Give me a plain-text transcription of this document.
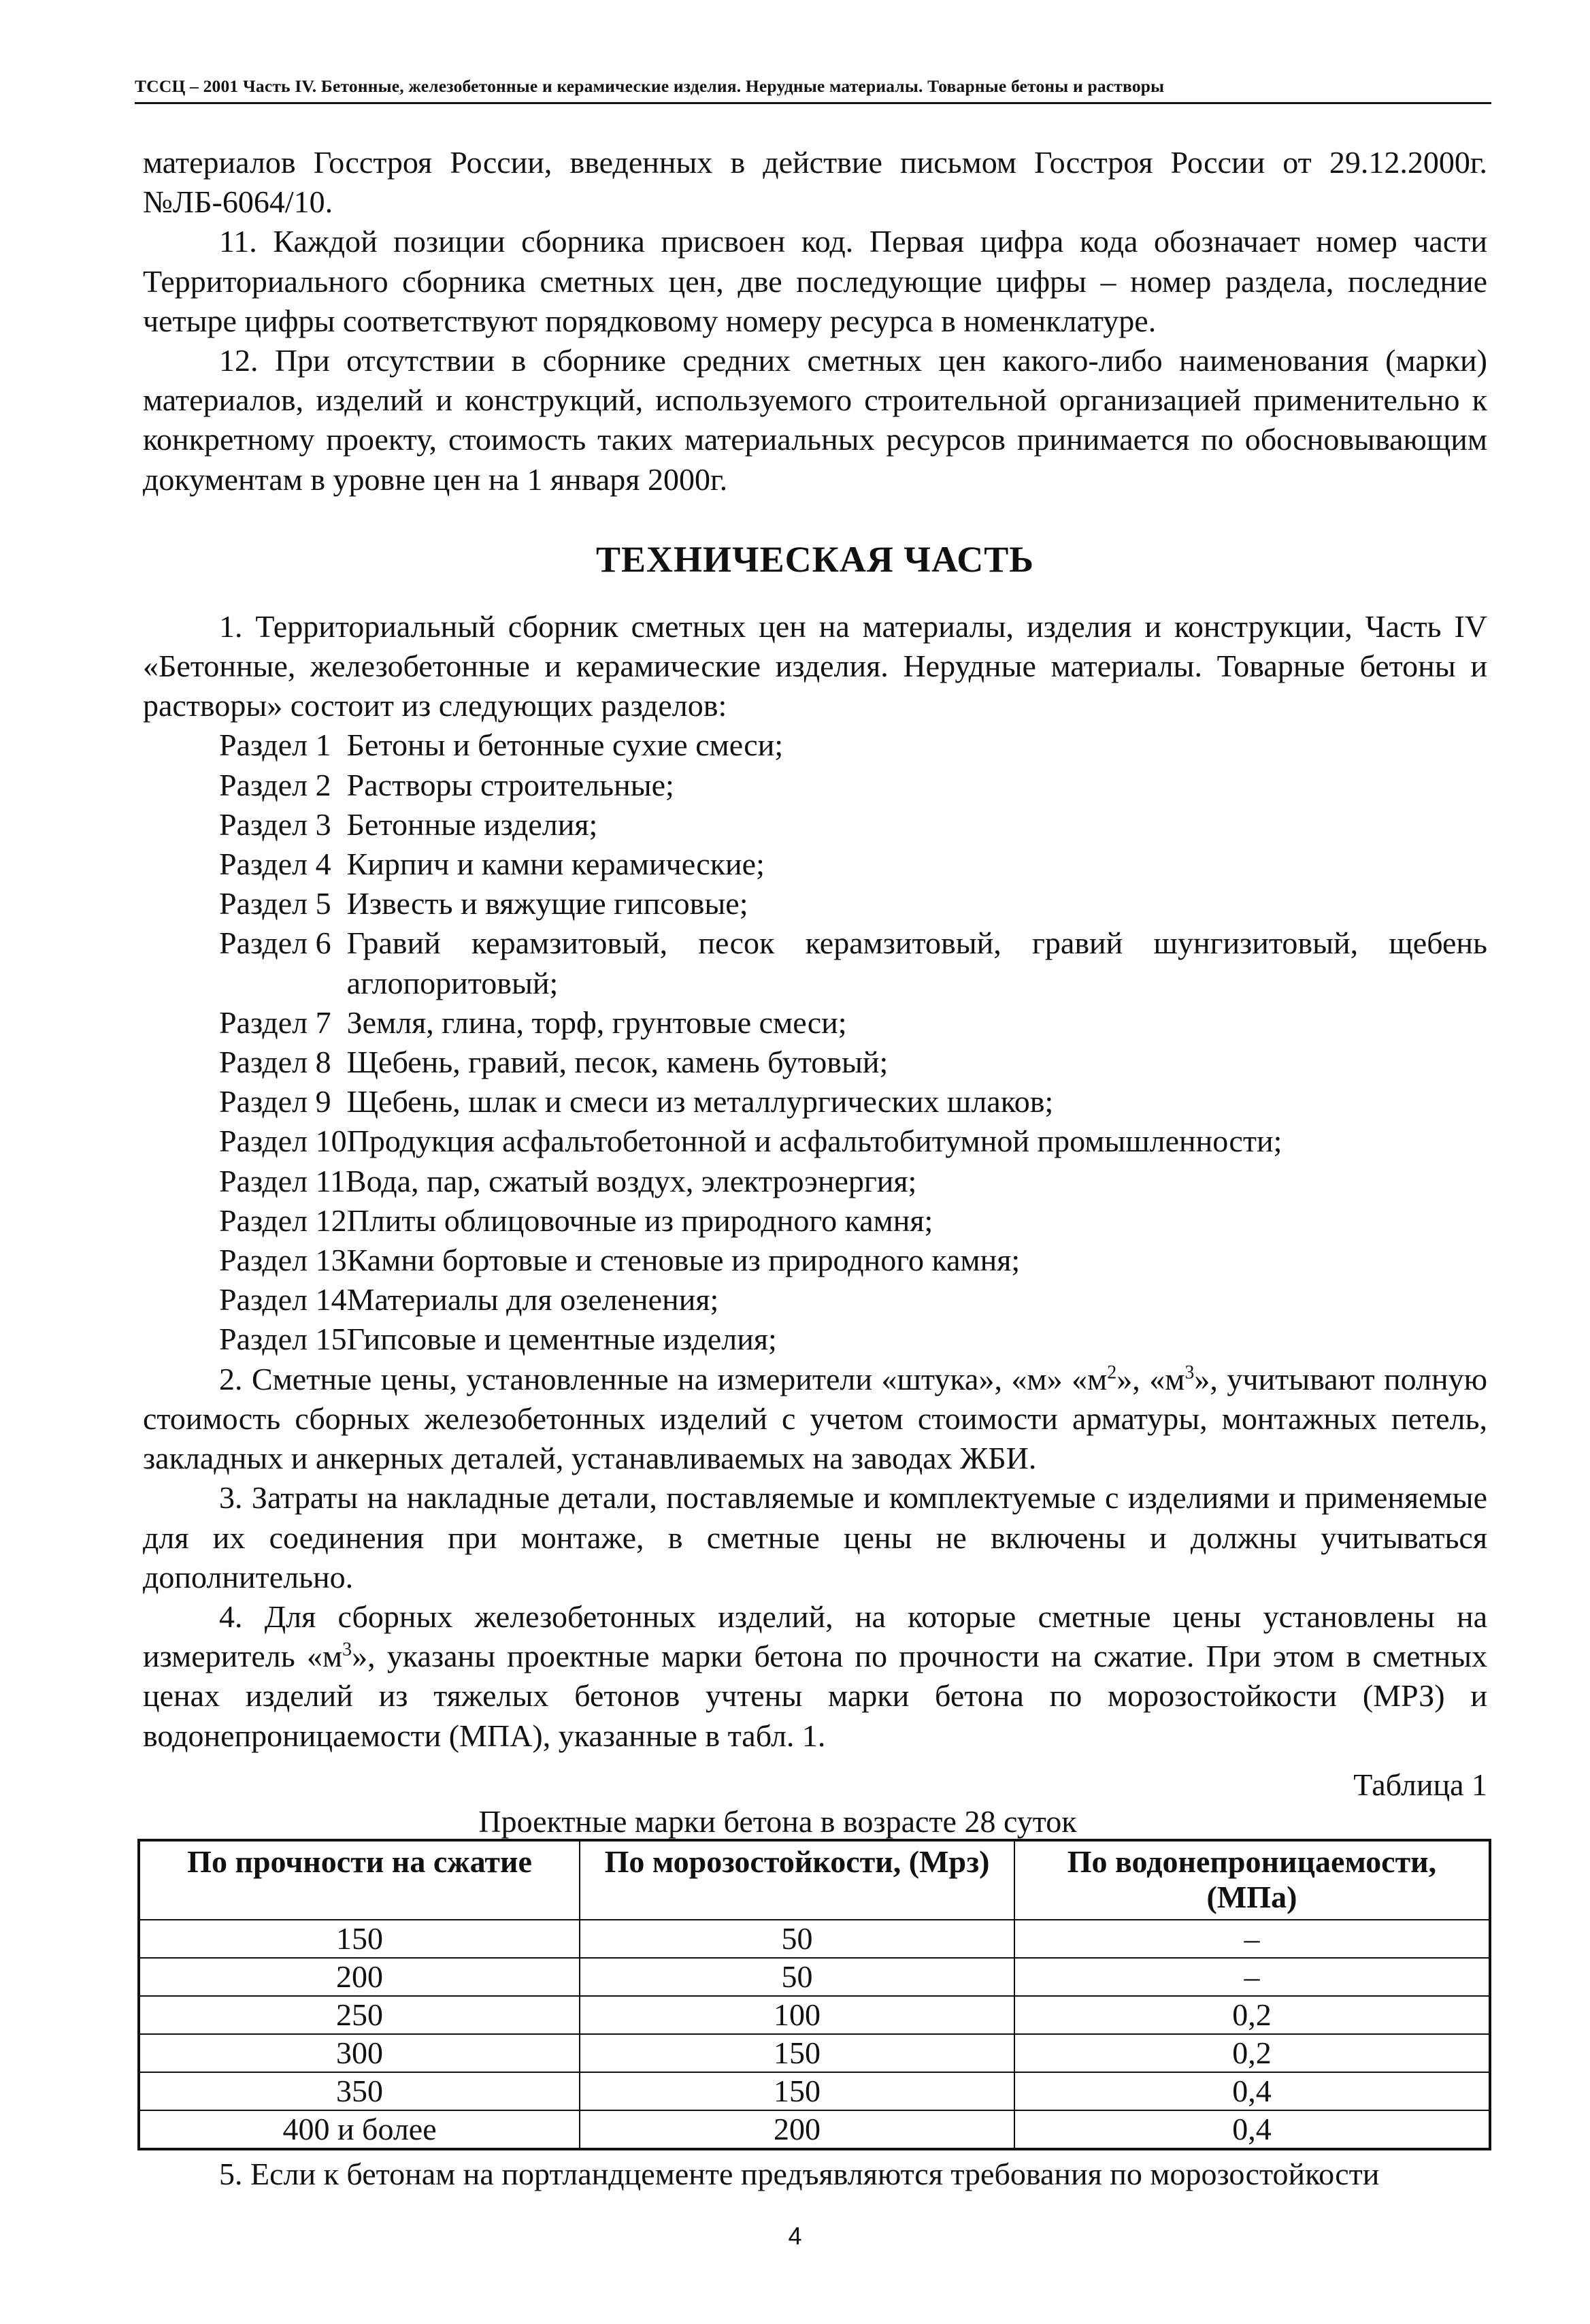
ТССЦ – 2001 Часть IV. Бетонные, железобетонные и керамические изделия. Нерудные материалы. Товарные бетоны и растворы

материалов Госстроя России, введенных в действие письмом Госстроя России от 29.12.2000г. №ЛБ-6064/10.

11. Каждой позиции сборника присвоен код. Первая цифра кода обозначает номер части Территориального сборника сметных цен, две последующие цифры – номер раздела, последние четыре цифры соответствуют порядковому номеру ресурса в номенклатуре.

12. При отсутствии в сборнике средних сметных цен какого-либо наименования (марки) материалов, изделий и конструкций, используемого строительной организацией применительно к конкретному проекту, стоимость таких материальных ресурсов принимается по обосновывающим документам в уровне цен на 1 января 2000г.

ТЕХНИЧЕСКАЯ ЧАСТЬ

1. Территориальный сборник сметных цен на материалы, изделия и конструкции, Часть IV «Бетонные, железобетонные и керамические изделия. Нерудные материалы. Товарные бетоны и растворы» состоит из следующих разделов:

Раздел 1 Бетоны и бетонные сухие смеси;
Раздел 2 Растворы строительные;
Раздел 3 Бетонные изделия;
Раздел 4 Кирпич и камни керамические;
Раздел 5 Известь и вяжущие гипсовые;
Раздел 6 Гравий керамзитовый, песок керамзитовый, гравий шунгизитовый, щебень аглопоритовый;
Раздел 7 Земля, глина, торф, грунтовые смеси;
Раздел 8 Щебень, гравий, песок, камень бутовый;
Раздел 9 Щебень, шлак и смеси из металлургических шлаков;
Раздел 10 Продукция асфальтобетонной и асфальтобитумной промышленности;
Раздел 11 Вода, пар, сжатый воздух, электроэнергия;
Раздел 12 Плиты облицовочные из природного камня;
Раздел 13 Камни бортовые и стеновые из природного камня;
Раздел 14 Материалы для озеленения;
Раздел 15 Гипсовые и цементные изделия;

2. Сметные цены, установленные на измерители «штука», «м» «$м^2$», «$м^3$», учитывают полную стоимость сборных железобетонных изделий с учетом стоимости арматуры, монтажных петель, закладных и анкерных деталей, устанавливаемых на заводах ЖБИ.

3. Затраты на накладные детали, поставляемые и комплектуемые с изделиями и применяемые для их соединения при монтаже, в сметные цены не включены и должны учитываться дополнительно.

4. Для сборных железобетонных изделий, на которые сметные цены установлены на измеритель «$м^3$», указаны проектные марки бетона по прочности на сжатие. При этом в сметных ценах изделий из тяжелых бетонов учтены марки бетона по морозостойкости (МРЗ) и водонепроницаемости (МПА), указанные в табл. 1.

Таблица 1
Проектные марки бетона в возрасте 28 суток
По прочности на сжатие	По морозостойкости, (Мрз)	По водонепроницаемости, (МПа)
150	50	–
200	50	–
250	100	0,2
300	150	0,2
350	150	0,4
400 и более	200	0,4

5. Если к бетонам на портландцементе предъявляются требования по морозостойкости

4
